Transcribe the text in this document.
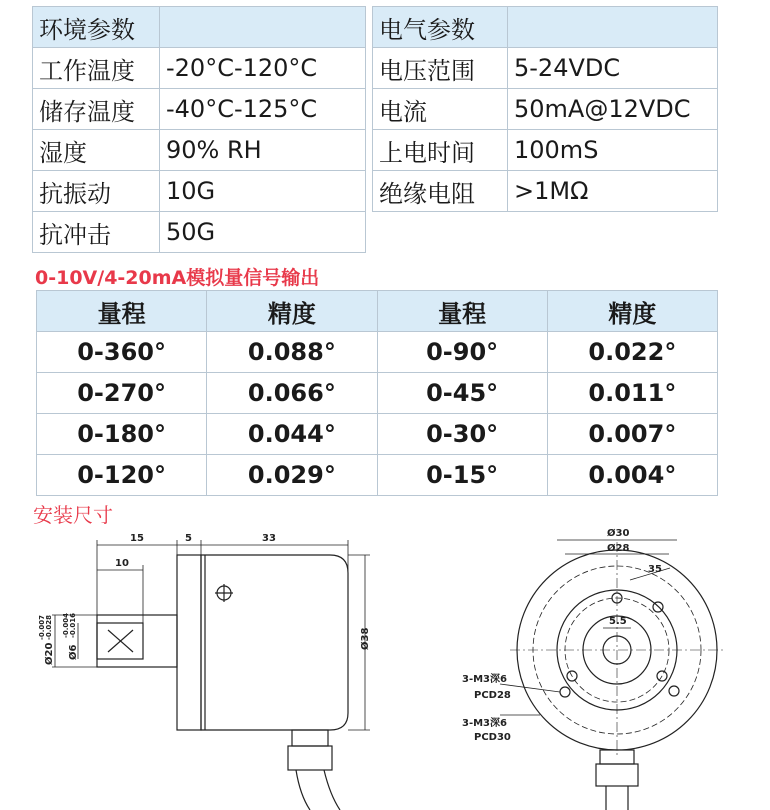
环境参数	
工作温度	-20°C-120°C
储存温度	-40°C-125°C
湿度	90% RH
抗振动	10G
抗冲击	50G
电气参数	
电压范围	5-24VDC
电流	50mA@12VDC
上电时间	100mS
绝缘电阻	>1MΩ
0-10V/4-20mA模拟量信号输出
量程	精度	量程	精度
0-360°	0.088°	0-90°	0.022°
0-270°	0.066°	0-45°	0.011°
0-180°	0.044°	0-30°	0.007°
0-120°	0.029°	0-15°	0.004°
安装尺寸
15	5	33
10
Ø38
Ø20 Ø6
-0.007 -0.028 -0.004 -0.016
Ø30
Ø28
35
5.5
3-M3深6
PCD28
3-M3深6
PCD30
